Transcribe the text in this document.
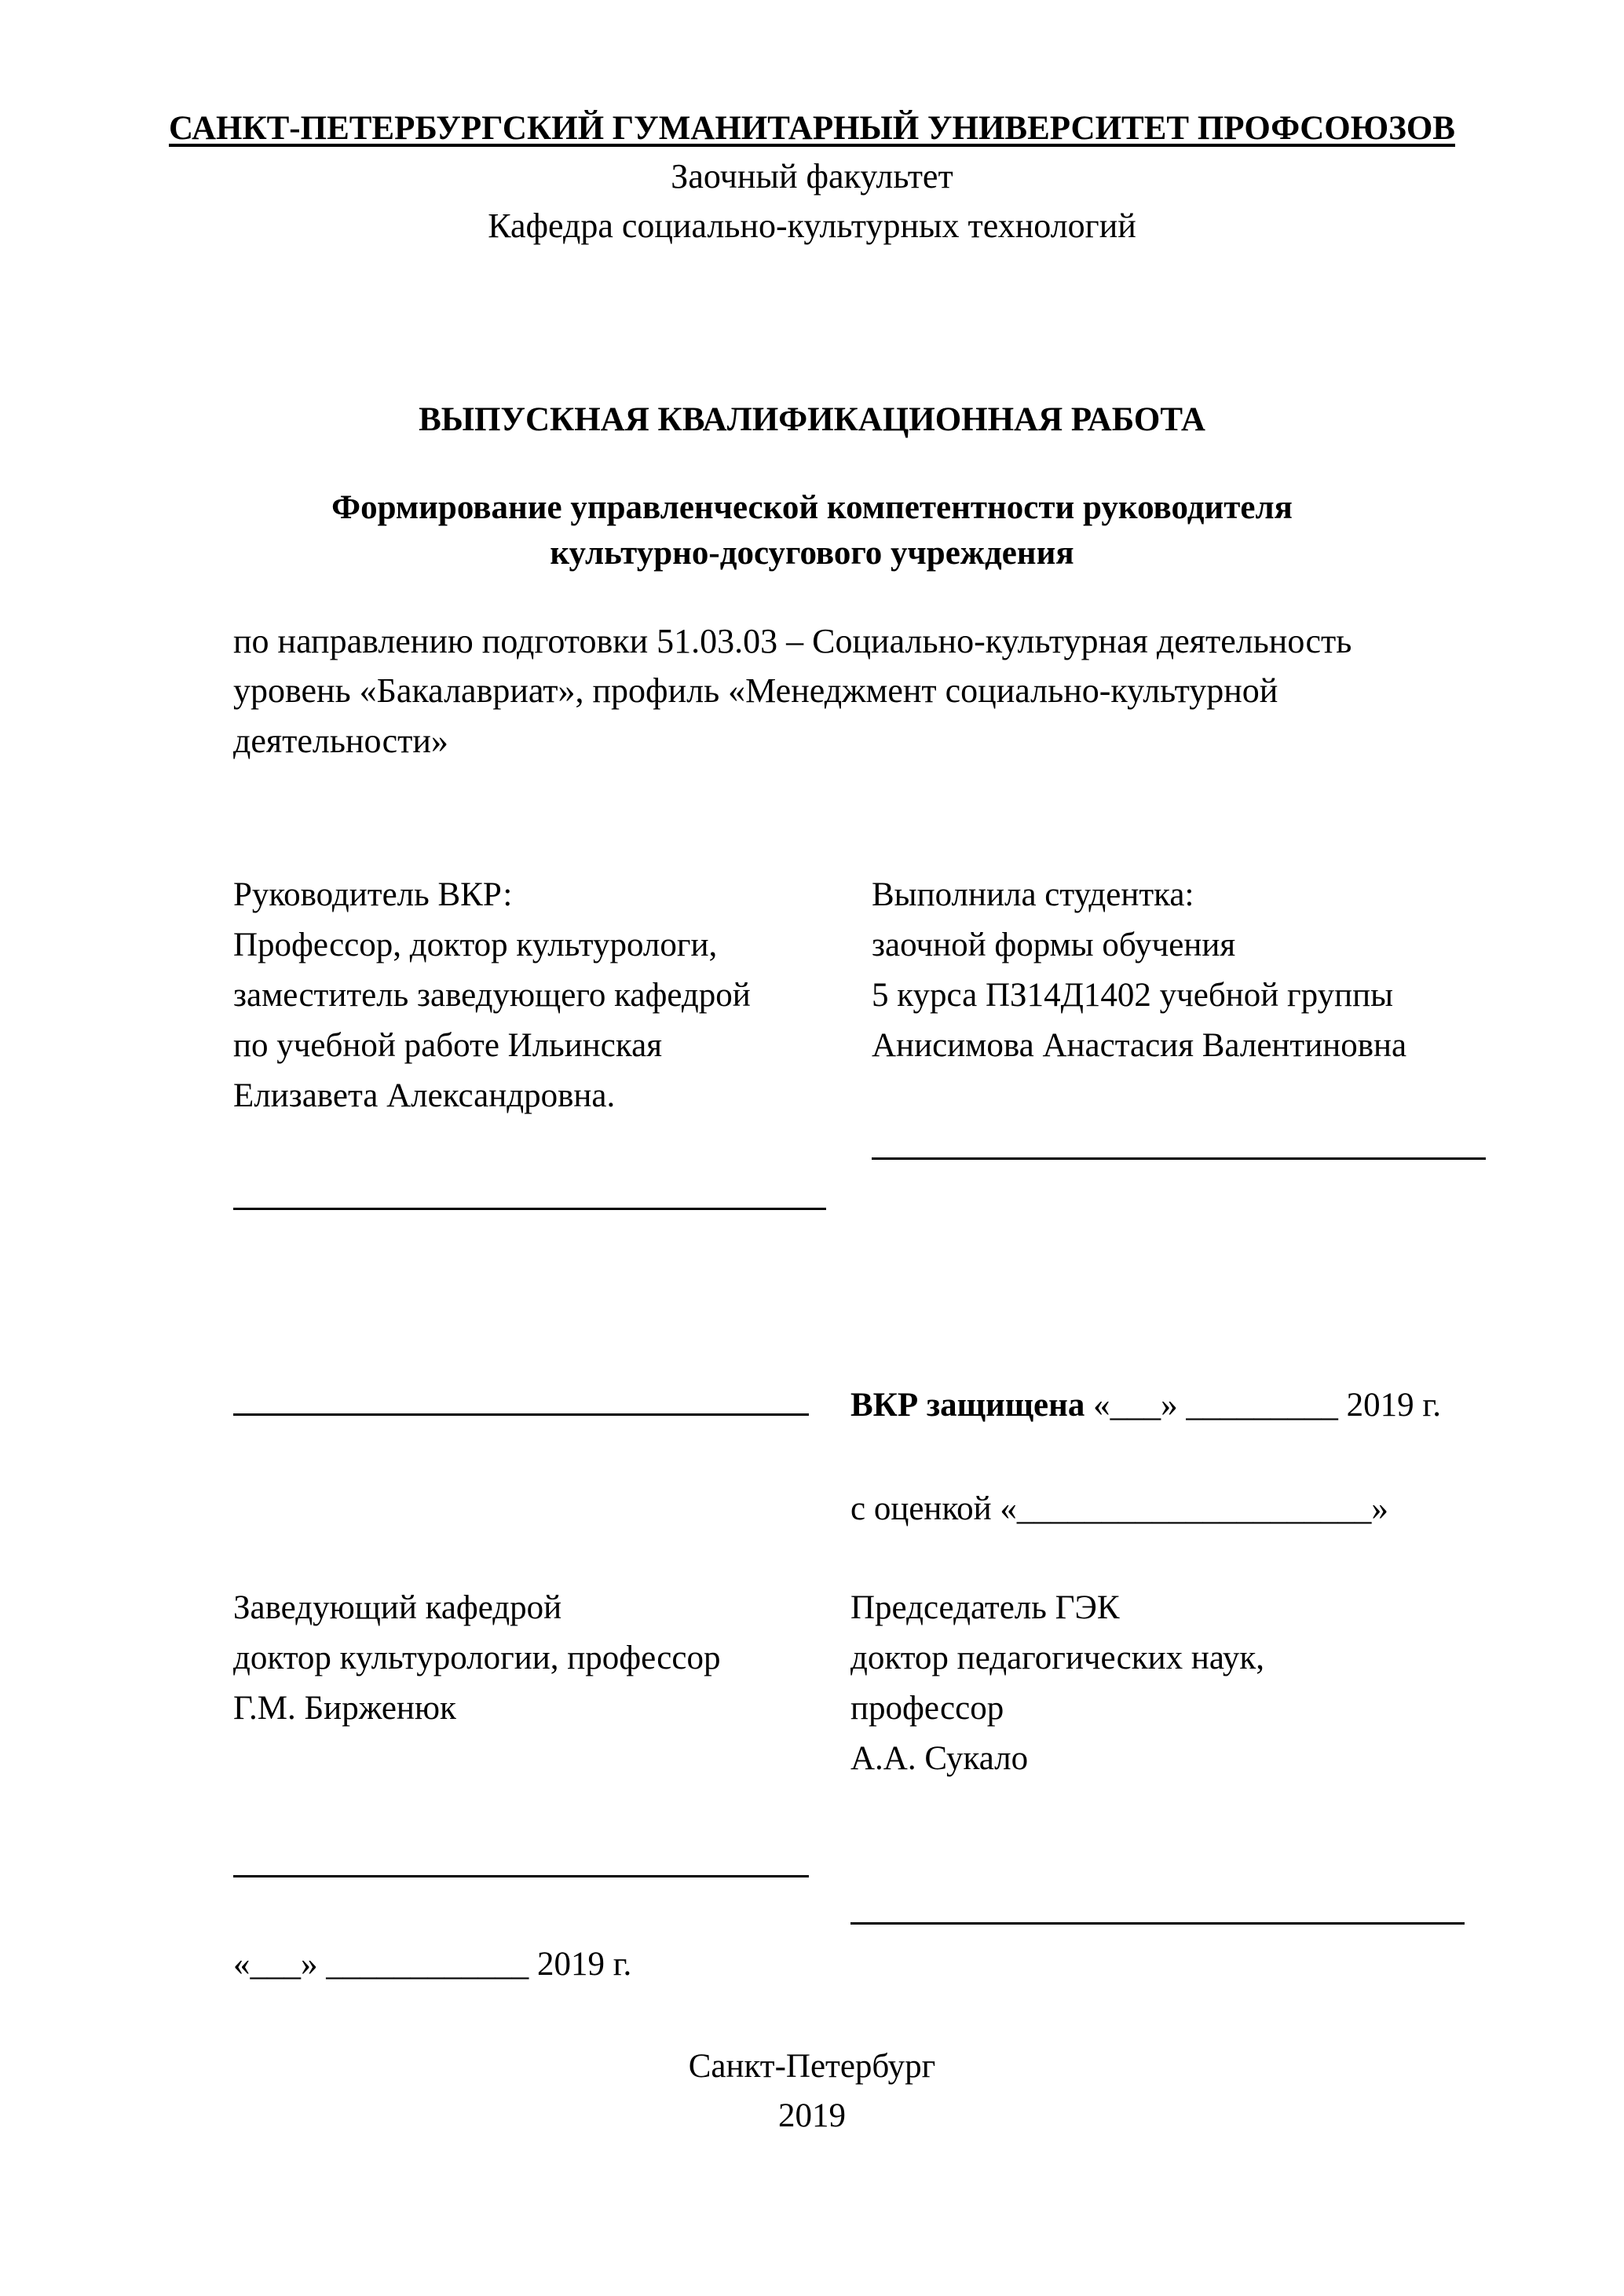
САНКТ-ПЕТЕРБУРГСКИЙ ГУМАНИТАРНЫЙ УНИВЕРСИТЕТ ПРОФСОЮЗОВ
Заочный факультет
Кафедра социально-культурных технологий
ВЫПУСКНАЯ КВАЛИФИКАЦИОННАЯ РАБОТА
Формирование управленческой компетентности руководителя
культурно-досугового учреждения
по направлению подготовки 51.03.03 – Социально-культурная деятельность
уровень «Бакалавриат», профиль «Менеджмент социально-культурной
деятельности»
Руководитель ВКР:
Профессор, доктор культурологи,
заместитель заведующего кафедрой
по учебной работе Ильинская
Елизавета Александровна.
Выполнила студентка:
заочной формы обучения
5 курса ПЗ14Д1402 учебной группы
Анисимова Анастасия Валентиновна
ВКР защищена «___» _________ 2019 г.
с оценкой «_____________________»
Заведующий кафедрой
доктор культурологии, профессор
Г.М. Бирженюк
Председатель ГЭК
доктор педагогических наук,
профессор
А.А. Сукало
«___» ____________ 2019 г.
Санкт-Петербург
2019
